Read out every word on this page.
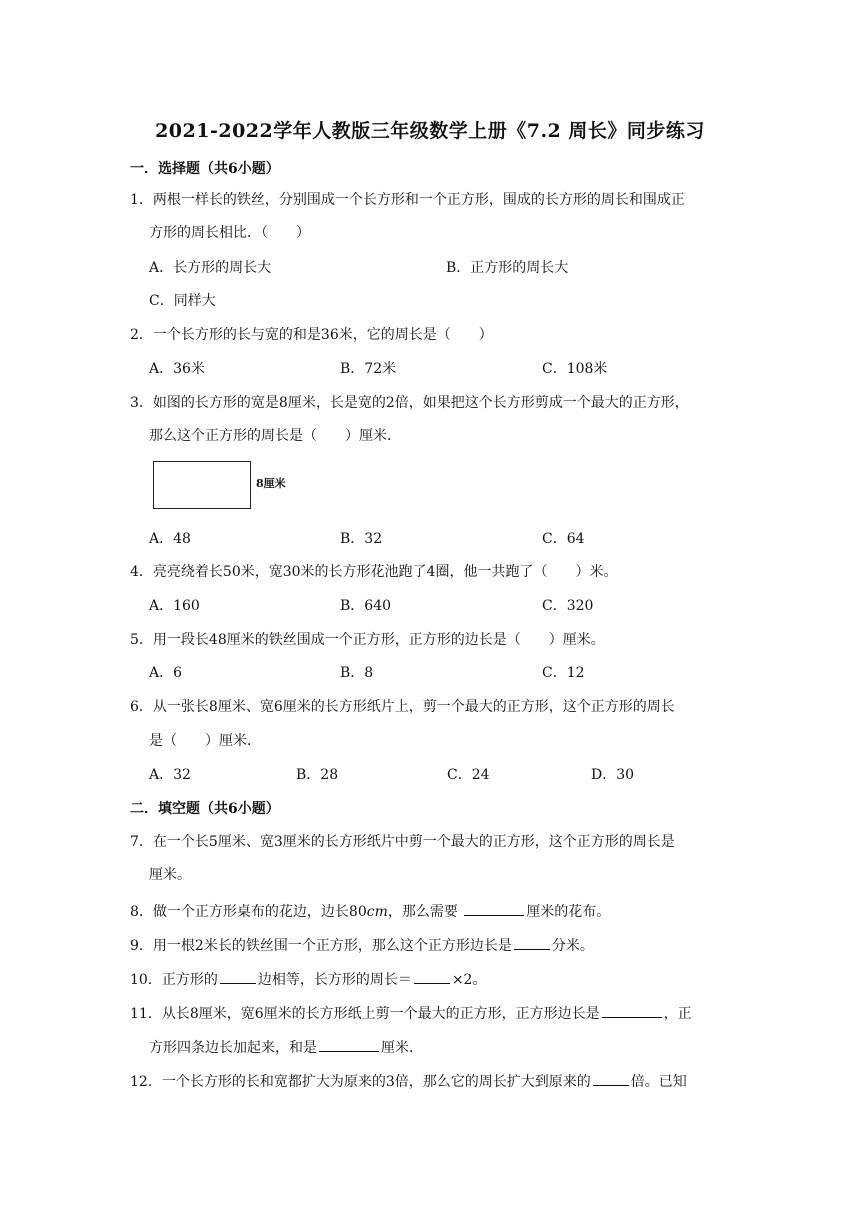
2021-2022学年人教版三年级数学上册《7.2 周长》同步练习
一．选择题（共6小题）
1．两根一样长的铁丝，分别围成一个长方形和一个正方形，围成的长方形的周长和围成正
方形的周长相比．（　　）
A．长方形的周长大	B．正方形的周长大
C．同样大
2．一个长方形的长与宽的和是36米，它的周长是（　　）
A．36米	B．72米	C．108米
3．如图的长方形的宽是8厘米，长是宽的2倍，如果把这个长方形剪成一个最大的正方形，
那么这个正方形的周长是（　　）厘米．
8厘米
A．48	B．32	C．64
4．亮亮绕着长50米，宽30米的长方形花池跑了4圈，他一共跑了（　　）米。
A．160	B．640	C．320
5．用一段长48厘米的铁丝围成一个正方形，正方形的边长是（　　）厘米。
A．6	B．8	C．12
6．从一张长8厘米、宽6厘米的长方形纸片上，剪一个最大的正方形，这个正方形的周长
是（　　）厘米．
A．32	B．28	C．24	D．30
二．填空题（共6小题）
7．在一个长5厘米、宽3厘米的长方形纸片中剪一个最大的正方形，这个正方形的周长是
厘米。
8．做一个正方形桌布的花边，边长80cm，那么需要	厘米的花布。
9．用一根2米长的铁丝围一个正方形，那么这个正方形边长是	分米。
10．正方形的	边相等，长方形的周长＝	×2。
11．从长8厘米，宽6厘米的长方形纸上剪一个最大的正方形，正方形边长是	，正
方形四条边长加起来，和是	厘米．
12．一个长方形的长和宽都扩大为原来的3倍，那么它的周长扩大到原来的	倍。已知
